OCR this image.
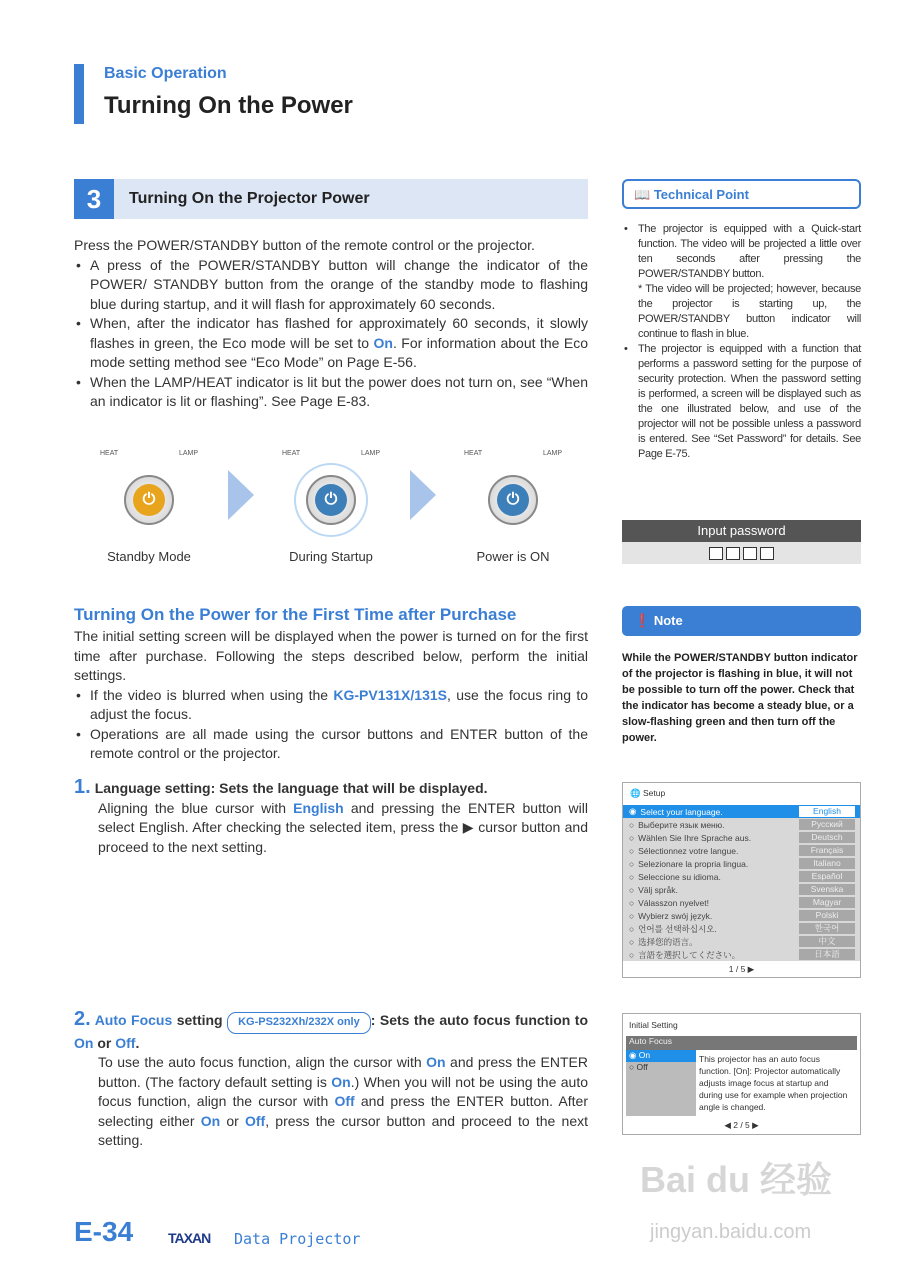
Basic Operation
Turning On the Power
3	Turning On the Projector Power

Press the POWER/STANDBY button of the remote control or the projector.

• A press of the POWER/STANDBY button will change the indicator of the POWER/ STANDBY button from the orange of the standby mode to flashing blue during startup, and it will flash for approximately 60 seconds.
• When, after the indicator has flashed for approximately 60 seconds, it slowly flashes in green, the Eco mode will be set to On. For information about the Eco mode setting method see “Eco Mode” on Page E-56.
• When the LAMP/HEAT indicator is lit but the power does not turn on, see “When an indicator is lit or flashing”. See Page E-83.
HEAT	LAMP
⏻
Standby Mode
HEAT	LAMP
⏻
During Startup
HEAT	LAMP
⏻
Power is ON
📖 Technical Point
• The projector is equipped with a Quick-start function. The video will be projected a little over ten seconds after pressing the POWER/STANDBY button.

* The video will be projected; however, because the projector is starting up, the POWER/STANDBY button indicator will continue to flash in blue.

• The projector is equipped with a function that performs a password setting for the purpose of security protection. When the password setting is performed, a screen will be displayed such as the one illustrated below, and use of the projector will not be possible unless a password is entered. See “Set Password” for details. See Page E-75.
Input password
Turning On the Power for the First Time after Purchase

The initial setting screen will be displayed when the power is turned on for the first time after purchase. Following the steps described below, perform the initial settings.

• If the video is blurred when using the KG-PV131X/131S, use the focus ring to adjust the focus.
• Operations are all made using the cursor buttons and ENTER button of the remote control or the projector.
❗ Note
While the POWER/STANDBY button indicator of the projector is flashing in blue, it will not be possible to turn off the power. Check that the indicator has become a steady blue, or a slow-flashing green and then turn off the power.
1. Language setting: Sets the language that will be displayed.

Aligning the blue cursor with English and pressing the ENTER button will select English. After checking the selected item, press the ▶ cursor button and proceed to the next setting.

🌐 Setup
◉ Select your language.	English
○ Выберите язык меню.	Русский
○ Wählen Sie Ihre Sprache aus.	Deutsch
○ Sélectionnez votre langue.	Français
○ Selezionare la propria lingua.	Italiano
○ Seleccione su idioma.	Español
○ Välj språk.	Svenska
○ Válasszon nyelvet!	Magyar
○ Wybierz swój język.	Polski
○ 언어를 선택하십시오.	한국어
○ 选择您的语言。	中文
○ 言語を選択してください。	日本語
1 / 5 ▶
2. Auto Focus setting KG-PS232Xh/232X only : Sets the auto focus function to On or Off.

To use the auto focus function, align the cursor with On and press the ENTER button. (The factory default setting is On.) When you will not be using the auto focus function, align the cursor with Off and press the ENTER button. After selecting either On or Off, press the cursor button and proceed to the next setting.

Initial Setting
Auto Focus
◉ On
○ Off
This projector has an auto focus function. [On]: Projector automatically adjusts image focus at startup and during use for example when projection angle is changed.
◀ 2 / 5 ▶
Bai du 经验
jingyan.baidu.com
E-34 TAXAN Data Projector
